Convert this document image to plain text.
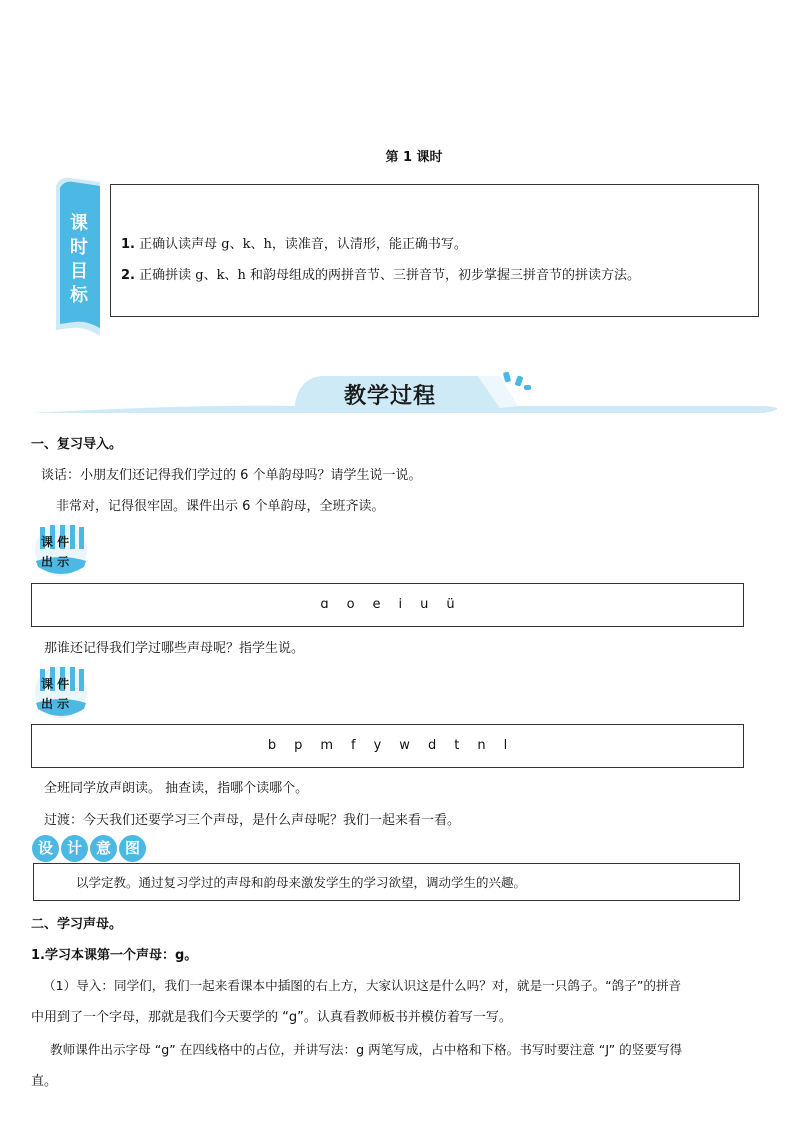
第 1 课时
课
时
目
标
1. 正确认读声母 g、k、h，读准音，认清形，能正确书写。
2. 正确拼读 g、k、h 和韵母组成的两拼音节、三拼音节，初步掌握三拼音节的拼读方法。
教学过程
一、复习导入。
谈话：小朋友们还记得我们学过的 6 个单韵母吗？请学生说一说。
非常对，记得很牢固。课件出示 6 个单韵母，全班齐读。
课 件
出 示
ɑ o e i u ü
那谁还记得我们学过哪些声母呢？指学生说。
课 件
出 示
b p m f y w d t n l
全班同学放声朗读。 抽查读，指哪个读哪个。
过渡：今天我们还要学习三个声母，是什么声母呢？我们一起来看一看。
设 计 意 图
以学定教。通过复习学过的声母和韵母来激发学生的学习欲望，调动学生的兴趣。
二、学习声母。
1.学习本课第一个声母：g。
（1）导入：同学们，我们一起来看课本中插图的右上方，大家认识这是什么吗？对，就是一只鸽子。“鸽子”的拼音
中用到了一个字母，那就是我们今天要学的 “g”。认真看教师板书并模仿着写一写。
教师课件出示字母 “g” 在四线格中的占位，并讲写法：g 两笔写成，占中格和下格。书写时要注意 “J” 的竖要写得
直。
